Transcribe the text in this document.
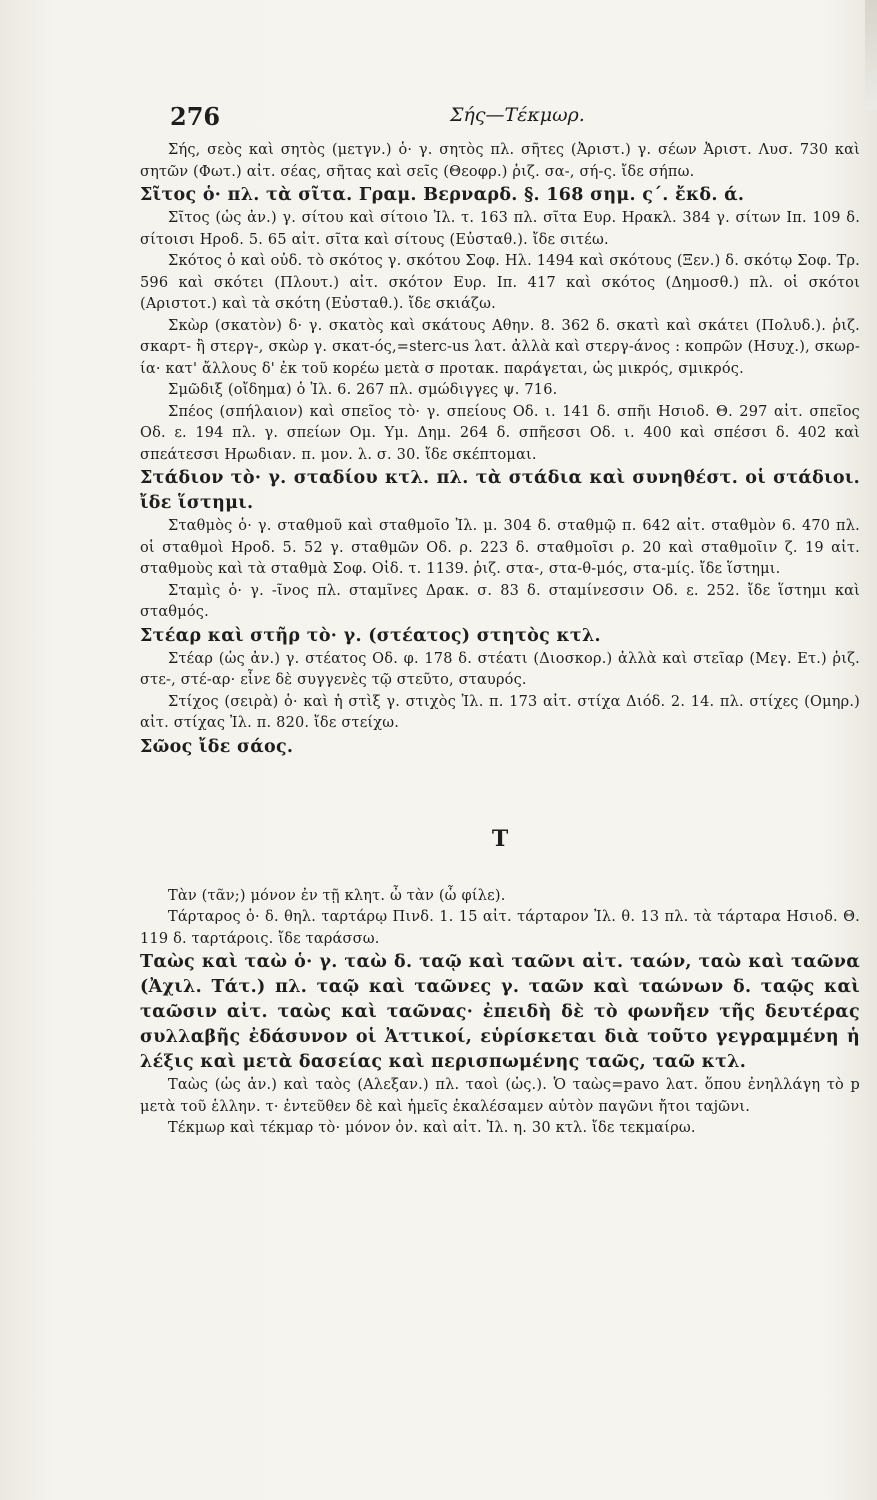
276	Σής—Τέκμωρ.

Σής, σεὸς καὶ σητὸς (μετγν.) ὁ· γ. σητὸς πλ. σῆτες (Ἀριστ.) γ. σέων Ἀριστ. Λυσ. 730 καὶ σητῶν (Φωτ.) αἰτ. σέας, σῆτας καὶ σεῖς (Θεοφρ.) ῥιζ. σα-, σή-ς. ἴδε σήπω.

Σῖτος ὁ· πλ. τὰ σῖτα. Γραμ. Βερναρδ. §. 168 σημ. ς΄. ἔκδ. ά.

Σῖτος (ὡς ἀν.) γ. σίτου καὶ σίτοιο Ἰλ. τ. 163 πλ. σῖτα Ευρ. Ηρακλ. 384 γ. σίτων Ιπ. 109 δ. σίτοισι Ηροδ. 5. 65 αἰτ. σῖτα καὶ σίτους (Εὐσταθ.). ἴδε σιτέω.

Σκότος ὁ καὶ οὐδ. τὸ σκότος γ. σκότου Σοφ. Ηλ. 1494 καὶ σκότους (Ξεν.) δ. σκότῳ Σοφ. Τρ. 596 καὶ σκότει (Πλουτ.) αἰτ. σκότον Ευρ. Ιπ. 417 καὶ σκότος (Δημοσθ.) πλ. οἱ σκότοι (Αριστοτ.) καὶ τὰ σκότη (Εὐσταθ.). ἴδε σκιάζω.

Σκὼρ (σκατὸν) δ· γ. σκατὸς καὶ σκάτους Αθην. 8. 362 δ. σκατὶ καὶ σκάτει (Πολυδ.). ῥιζ. σκαρτ- ἢ στεργ-, σκὼρ γ. σκατ-ός,=sterc-us λατ. ἀλλὰ καὶ στεργ-άνος : κοπρῶν (Ησυχ.), σκωρ-ία· κατ' ἄλλους δ' ἐκ τοῦ κορέω μετὰ σ προτακ. παράγεται, ὡς μικρός, σμικρός.

Σμῶδιξ (οἴδημα) ὁ Ἰλ. 6. 267 πλ. σμώδιγγες ψ. 716.

Σπέος (σπήλαιον) καὶ σπεῖος τὸ· γ. σπείους Οδ. ι. 141 δ. σπῆι Ησιοδ. Θ. 297 αἰτ. σπεῖος Οδ. ε. 194 πλ. γ. σπείων Ομ. Υμ. Δημ. 264 δ. σπῆεσσι Οδ. ι. 400 καὶ σπέσσι δ. 402 καὶ σπεάτεσσι Ηρωδιαν. π. μον. λ. σ. 30. ἴδε σκέπτομαι.

Στάδιον τὸ· γ. σταδίου κτλ. πλ. τὰ στάδια καὶ συνηθέστ. οἱ στάδιοι. ἴδε ἵστημι.

Σταθμὸς ὁ· γ. σταθμοῦ καὶ σταθμοῖο Ἰλ. μ. 304 δ. σταθμῷ π. 642 αἰτ. σταθμὸν 6. 470 πλ. οἱ σταθμοὶ Ηροδ. 5. 52 γ. σταθμῶν Οδ. ρ. 223 δ. σταθμοῖσι ρ. 20 καὶ σταθμοῖιν ζ. 19 αἰτ. σταθμοὺς καὶ τὰ σταθμὰ Σοφ. Οἰδ. τ. 1139. ῥιζ. στα-, στα-θ-μός, στα-μίς. ἴδε ἵστημι.

Σταμὶς ὁ· γ. -ῖνος πλ. σταμῖνες Δρακ. σ. 83 δ. σταμίνεσσιν Οδ. ε. 252. ἴδε ἵστημι καὶ σταθμός.

Στέαρ καὶ στῆρ τὸ· γ. (στέατος) στητὸς κτλ.

Στέαρ (ὡς ἀν.) γ. στέατος Οδ. φ. 178 δ. στέατι (Διοσκορ.) ἀλλὰ καὶ στεῖαρ (Μεγ. Ετ.) ῥιζ. στε-, στέ-αρ· εἶνε δὲ συγγενὲς τῷ στεῦτο, σταυρός.

Στίχος (σειρὰ) ὁ· καὶ ἡ στὶξ γ. στιχὸς Ἰλ. π. 173 αἰτ. στίχα Διόδ. 2. 14. πλ. στίχες (Ομηρ.) αἰτ. στίχας Ἰλ. π. 820. ἴδε στείχω.

Σῶος ἴδε σάος.

Τ

Τὰν (τᾶν;) μόνον ἐν τῇ κλητ. ὦ τὰν (ὦ φίλε).

Τάρταρος ὁ· δ. θηλ. ταρτάρῳ Πινδ. 1. 15 αἰτ. τάρταρον Ἰλ. θ. 13 πλ. τὰ τάρταρα Ησιοδ. Θ. 119 δ. ταρτάροις. ἴδε ταράσσω.

Ταὼς καὶ ταὼ ὁ· γ. ταὼ δ. ταῷ καὶ ταῶνι αἰτ. ταών, ταὼ καὶ ταῶνα (Ἀχιλ. Τάτ.) πλ. ταῷ καὶ ταῶνες γ. ταῶν καὶ ταώνων δ. ταῷς καὶ ταῶσιν αἰτ. ταὼς καὶ ταῶνας· ἐπειδὴ δὲ τὸ φωνῆεν τῆς δευτέρας συλλαβῆς ἐδάσυνον οἱ Ἀττικοί, εὑρίσκεται διὰ τοῦτο γεγραμμένη ἡ λέξις καὶ μετὰ δασείας καὶ περισπωμένης ταῶς, ταῶ κτλ.

Ταὼς (ὡς ἀν.) καὶ ταὸς (Αλεξαν.) πλ. ταοὶ (ὡς.). Ὁ ταὼς=pavo λατ. ὅπου ἐνηλλάγη τὸ p μετὰ τοῦ ἑλλην. τ· ἐντεῦθεν δὲ καὶ ἡμεῖς ἐκαλέσαμεν αὐτὸν παγῶνι ἤτοι ταjῶνι.

Τέκμωρ καὶ τέκμαρ τὸ· μόνον ὀν. καὶ αἰτ. Ἰλ. η. 30 κτλ. ἴδε τεκμαίρω.
